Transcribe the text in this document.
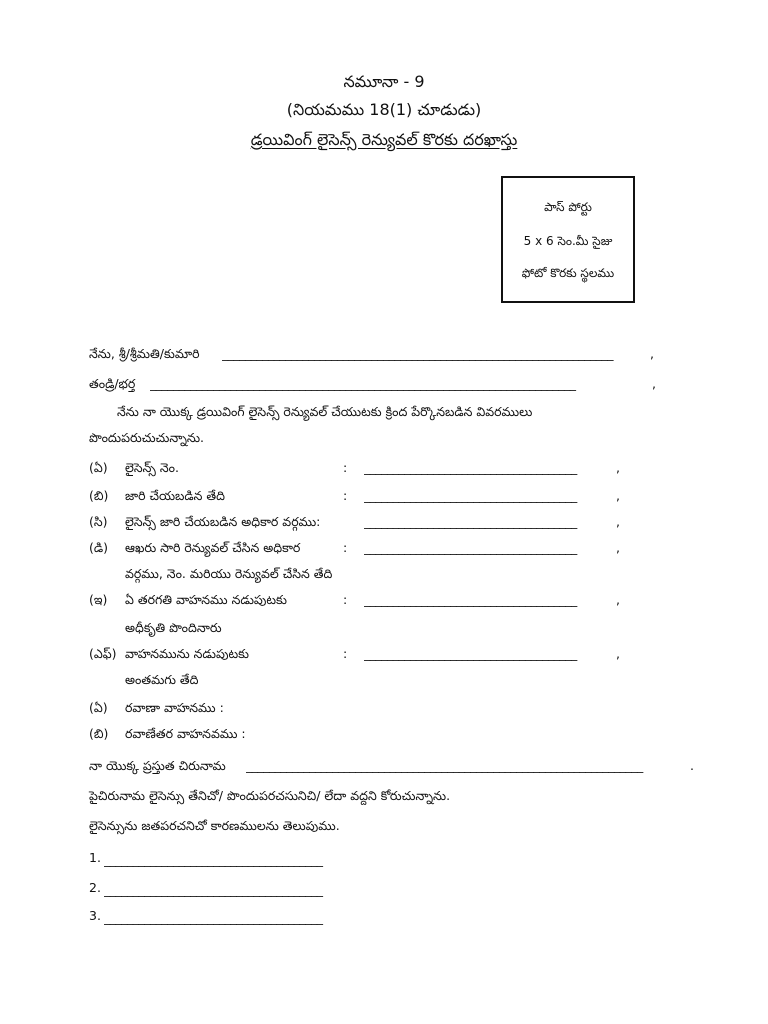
నమూనా - 9
(నియమము 18(1) చూడుడు)
డ్రయివింగ్ లైసెన్స్ రెన్యువల్ కొరకు దరఖాస్తు
పాస్ పోర్టు
5 x 6 సెం.మీ సైజు
ఫోటో కొరకు స్థలము
నేను, శ్రీ/శ్రీమతి/కుమారి ____________________________________________________________________	,
తండ్రి/భర్త __________________________________________________________________________	,
నేను నా యొక్క డ్రయివింగ్ లైసెన్స్ రెన్యువల్ చేయుటకు క్రింద పేర్కొనబడిన వివరములు
పొందుపరుచుచున్నాను.
(ఏ) లైసెన్స్ నెం.	: _____________________________________	,
(బి) జారి చేయబడిన తేది	: _____________________________________	,
(సి) లైసెన్స్ జారి చేయబడిన అధికార వర్గము:	_____________________________________	,
(డి) ఆఖరు సారి రెన్యువల్ చేసిన అధికార	: _____________________________________	,
వర్గము, నెం. మరియు రెన్యువల్ చేసిన తేది
(ఇ) ఏ తరగతి వాహనము నడుపుటకు	: _____________________________________	,
అధీకృతి పొందినారు
(ఎఫ్) వాహనమును నడుపుటకు	: _____________________________________	,
అంతమగు తేది
(ఏ) రవాణా వాహనము :
(బి) రవాణేతర వాహనవము :
నా యొక్క ప్రస్తుత చిరునామ _____________________________________________________________________	.
పైచిరునామ లైసెన్సు తేనిచో/ పొందుపరచసునిచి/ లేదా వద్దని కోరుచున్నాను.
లైసెన్సును జతపరచనిచో కారణములను తెలుపుము.
1. ______________________________________
2. ______________________________________
3. ______________________________________
